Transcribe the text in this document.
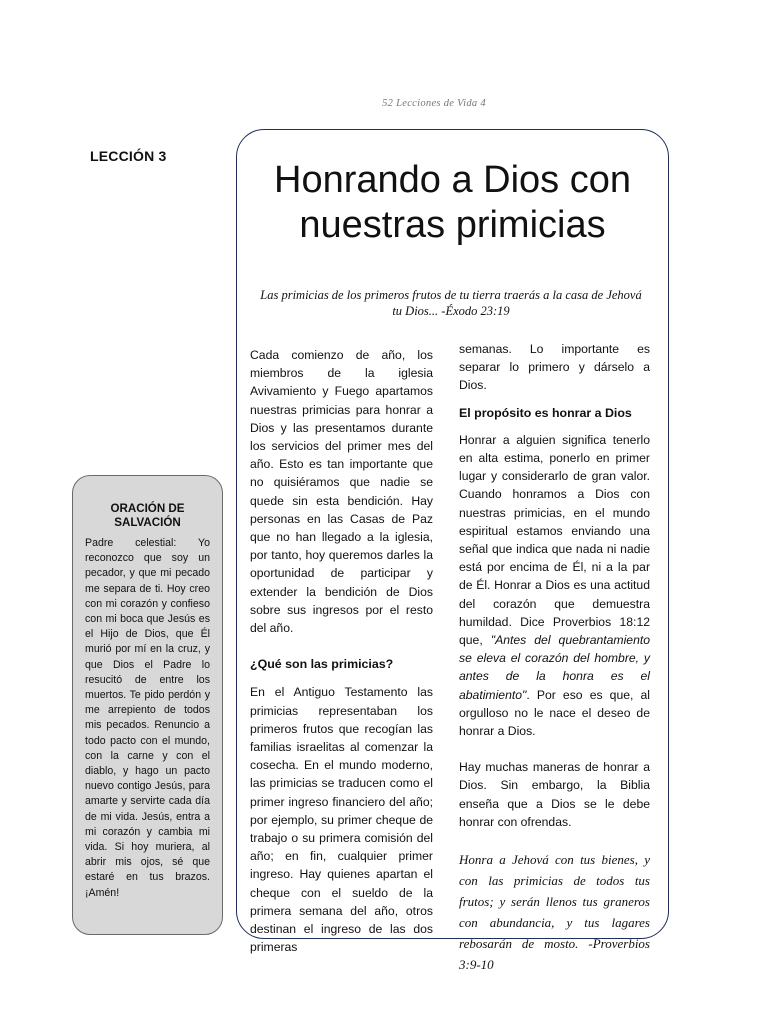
52 Lecciones de Vida 4
LECCIÓN 3
Honrando a Dios con
nuestras primicias
Las primicias de los primeros frutos de tu tierra traerás a la casa de Jehová
tu Dios... -Éxodo 23:19

Cada comienzo de año, los miembros de la iglesia Avivamiento y Fuego apartamos nuestras primicias para honrar a Dios y las presentamos durante los servicios del primer mes del año. Esto es tan importante que no quisiéramos que nadie se quede sin esta bendición. Hay personas en las Casas de Paz que no han llegado a la iglesia, por tanto, hoy queremos darles la oportunidad de participar y extender la bendición de Dios sobre sus ingresos por el resto del año.

¿Qué son las primicias?

En el Antiguo Testamento las primicias representaban los primeros frutos que recogían las familias israelitas al comenzar la cosecha. En el mundo moderno, las primicias se traducen como el primer ingreso financiero del año; por ejemplo, su primer cheque de trabajo o su primera comisión del año; en fin, cualquier primer ingreso. Hay quienes apartan el cheque con el sueldo de la primera semana del año, otros destinan el ingreso de las dos primeras

semanas. Lo importante es separar lo primero y dárselo a Dios.

El propósito es honrar a Dios

Honrar a alguien significa tenerlo en alta estima, ponerlo en primer lugar y considerarlo de gran valor. Cuando honramos a Dios con nuestras primicias, en el mundo espiritual estamos enviando una señal que indica que nada ni nadie está por encima de Él, ni a la par de Él. Honrar a Dios es una actitud del corazón que demuestra humildad. Dice Proverbios 18:12 que, "Antes del quebrantamiento se eleva el corazón del hombre, y antes de la honra es el abatimiento". Por eso es que, al orgulloso no le nace el deseo de honrar a Dios.

Hay muchas maneras de honrar a Dios. Sin embargo, la Biblia enseña que a Dios se le debe honrar con ofrendas.

Honra a Jehová con tus bienes, y con las primicias de todos tus frutos; y serán llenos tus graneros con abundancia, y tus lagares rebosarán de mosto. -Proverbios 3:9-10

ORACIÓN DE
SALVACIÓN

Padre celestial: Yo reconozco que soy un pecador, y que mi pecado me separa de ti. Hoy creo con mi corazón y confieso con mi boca que Jesús es el Hijo de Dios, que Él murió por mí en la cruz, y que Dios el Padre lo resucitó de entre los muertos. Te pido perdón y me arrepiento de todos mis pecados. Renuncio a todo pacto con el mundo, con la carne y con el diablo, y hago un pacto nuevo contigo Jesús, para amarte y servirte cada día de mi vida. Jesús, entra a mi corazón y cambia mi vida. Si hoy muriera, al abrir mis ojos, sé que estaré en tus brazos. ¡Amén!
